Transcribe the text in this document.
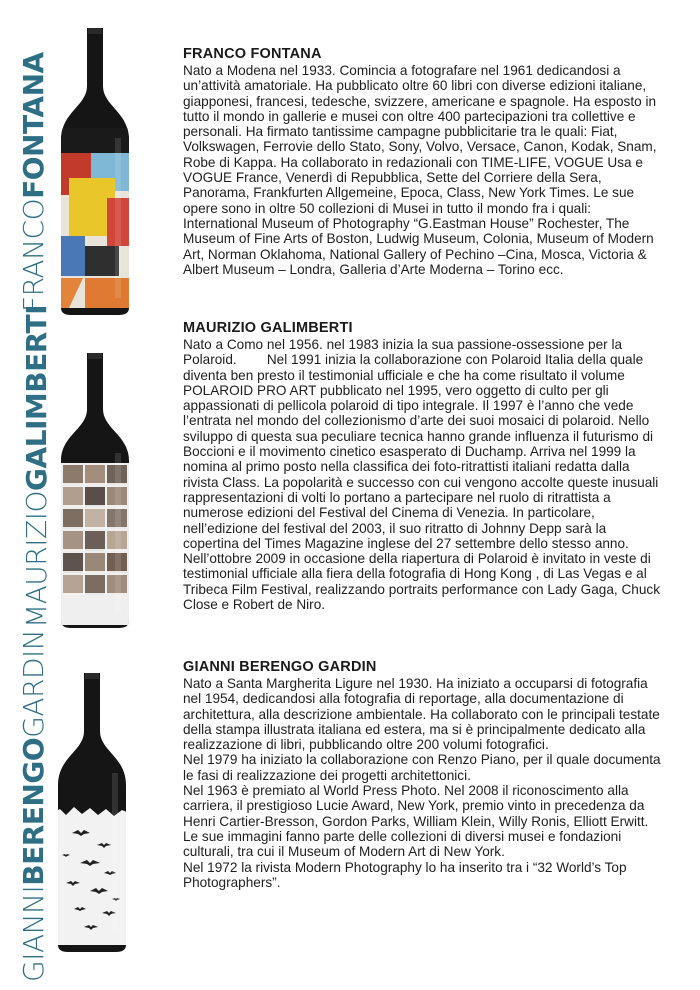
FRANCOFONTANA	FRANCO FONTANA

Nato a Modena nel 1933. Comincia a fotografare nel 1961 dedicandosi a un’attività amatoriale. Ha pubblicato oltre 60 libri con diverse edizioni italiane, giapponesi, francesi, tedesche, svizzere, americane e spagnole. Ha esposto in tutto il mondo in gallerie e musei con oltre 400 partecipazioni tra collettive e personali. Ha firmato tantissime campagne pubblicitarie tra le quali: Fiat, Volkswagen, Ferrovie dello Stato, Sony, Volvo, Versace, Canon, Kodak, Snam, Robe di Kappa. Ha collaborato in redazionali con TIME-LIFE, VOGUE Usa e VOGUE France, Venerdì di Repubblica, Sette del Corriere della Sera, Panorama, Frankfurten Allgemeine, Epoca, Class, New York Times. Le sue opere sono in oltre 50 collezioni di Musei in tutto il mondo fra i quali: International Museum of Photography “G.Eastman House” Rochester, The Museum of Fine Arts of Boston, Ludwig Museum, Colonia, Museum of Modern Art, Norman Oklahoma, National Gallery of Pechino –Cina, Mosca, Victoria & Albert Museum – Londra, Galleria d’Arte Moderna – Torino ecc.

MAURIZIOGALIMBERTI	MAURIZIO GALIMBERTI

Nato a Como nel 1956. nel 1983 inizia la sua passione-ossessione per la Polaroid.        Nel 1991 inizia la collaborazione con Polaroid Italia della quale diventa ben presto il testimonial ufficiale e che ha come risultato il volume POLAROID PRO ART pubblicato nel 1995, vero oggetto di culto per gli appassionati di pellicola polaroid di tipo integrale. Il 1997 è l’anno che vede l’entrata nel mondo del collezionismo d’arte dei suoi mosaici di polaroid. Nello sviluppo di questa sua peculiare tecnica hanno grande influenza il futurismo di Boccioni e il movimento cinetico esasperato di Duchamp. Arriva nel 1999 la nomina al primo posto nella classifica dei foto-ritrattisti italiani redatta dalla rivista Class. La popolarità e successo con cui vengono accolte queste inusuali rappresentazioni di volti lo portano a partecipare nel ruolo di ritrattista a numerose edizioni del Festival del Cinema di Venezia. In particolare, nell’edizione del festival del 2003, il suo ritratto di Johnny Depp sarà la copertina del Times Magazine inglese del 27 settembre dello stesso anno. Nell’ottobre 2009 in occasione della riapertura di Polaroid è invitato in veste di testimonial ufficiale alla fiera della fotografia di Hong Kong , di Las Vegas e al Tribeca Film Festival, realizzando portraits performance con Lady Gaga, Chuck Close e Robert de Niro.

GIANNIBERENGOGARDIN	GIANNI BERENGO GARDIN

Nato a Santa Margherita Ligure nel 1930. Ha iniziato a occuparsi di fotografia nel 1954, dedicandosi alla fotografia di reportage, alla documentazione di architettura, alla descrizione ambientale. Ha collaborato con le principali testate della stampa illustrata italiana ed estera, ma si è principalmente dedicato alla realizzazione di libri, pubblicando oltre 200 volumi fotografici.

Nel 1979 ha iniziato la collaborazione con Renzo Piano, per il quale documenta le fasi di realizzazione dei progetti architettonici.

Nel 1963 è premiato al World Press Photo. Nel 2008 il riconoscimento alla carriera, il prestigioso Lucie Award, New York, premio vinto in precedenza da Henri Cartier-Bresson, Gordon Parks, William Klein, Willy Ronis, Elliott Erwitt.

Le sue immagini fanno parte delle collezioni di diversi musei e fondazioni culturali, tra cui il Museum of Modern Art di New York.

Nel 1972 la rivista Modern Photography lo ha inserito tra i “32 World’s Top Photographers”.
